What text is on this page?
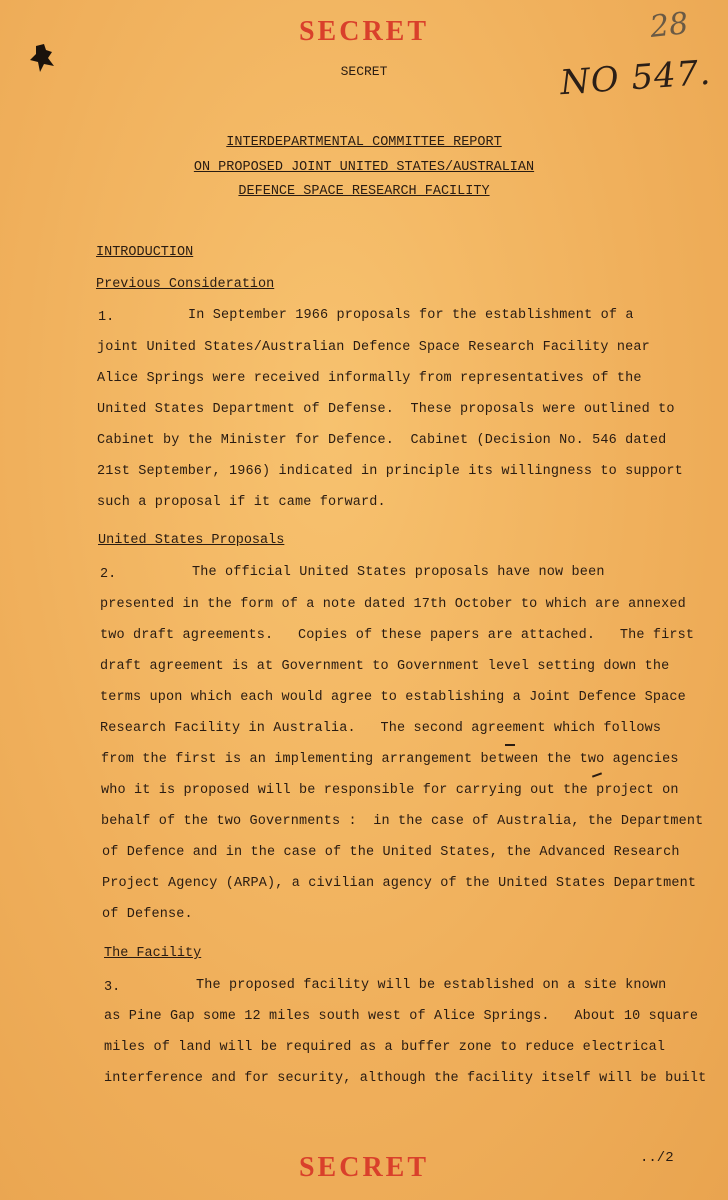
SECRET
SECRET
28
NO 547.
INTERDEPARTMENTAL COMMITTEE REPORT
ON PROPOSED JOINT UNITED STATES/AUSTRALIAN
DEFENCE SPACE RESEARCH FACILITY
INTRODUCTION
Previous Consideration
1.	In September 1966 proposals for the establishment of a
joint United States/Australian Defence Space Research Facility near
Alice Springs were received informally from representatives of the
United States Department of Defense.  These proposals were outlined to
Cabinet by the Minister for Defence.  Cabinet (Decision No. 546 dated
21st September, 1966) indicated in principle its willingness to support
such a proposal if it came forward.
United States Proposals
2.	The official United States proposals have now been
presented in the form of a note dated 17th October to which are annexed
two draft agreements.   Copies of these papers are attached.   The first
draft agreement is at Government to Government level setting down the
terms upon which each would agree to establishing a Joint Defence Space
Research Facility in Australia.   The second agreement which follows
from the first is an implementing arrangement between the two agencies
who it is proposed will be responsible for carrying out the project on
behalf of the two Governments :  in the case of Australia, the Department
of Defence and in the case of the United States, the Advanced Research
Project Agency (ARPA), a civilian agency of the United States Department
of Defense.
The Facility
3.	The proposed facility will be established on a site known
as Pine Gap some 12 miles south west of Alice Springs.   About 10 square
miles of land will be required as a buffer zone to reduce electrical
interference and for security, although the facility itself will be built
SECRET	../2
